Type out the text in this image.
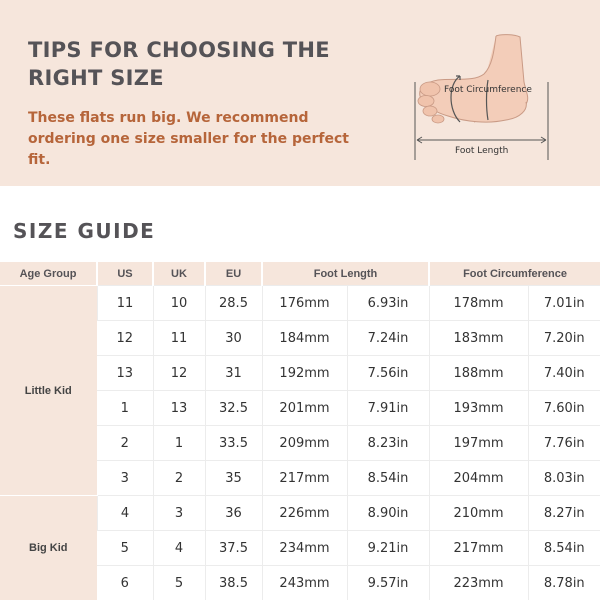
TIPS FOR CHOOSING THE RIGHT SIZE
These flats run big. We recommend ordering one size smaller for the perfect fit.
Foot Circumference
Foot Length
SIZE GUIDE
Age Group	US	UK	EU	Foot Length		Foot Circumference	
Little Kid	11	10	28.5	176mm	6.93in	178mm	7.01in
	12	11	30	184mm	7.24in	183mm	7.20in
	13	12	31	192mm	7.56in	188mm	7.40in
	1	13	32.5	201mm	7.91in	193mm	7.60in
	2	1	33.5	209mm	8.23in	197mm	7.76in
	3	2	35	217mm	8.54in	204mm	8.03in
Big Kid	4	3	36	226mm	8.90in	210mm	8.27in
	5	4	37.5	234mm	9.21in	217mm	8.54in
	6	5	38.5	243mm	9.57in	223mm	8.78in
